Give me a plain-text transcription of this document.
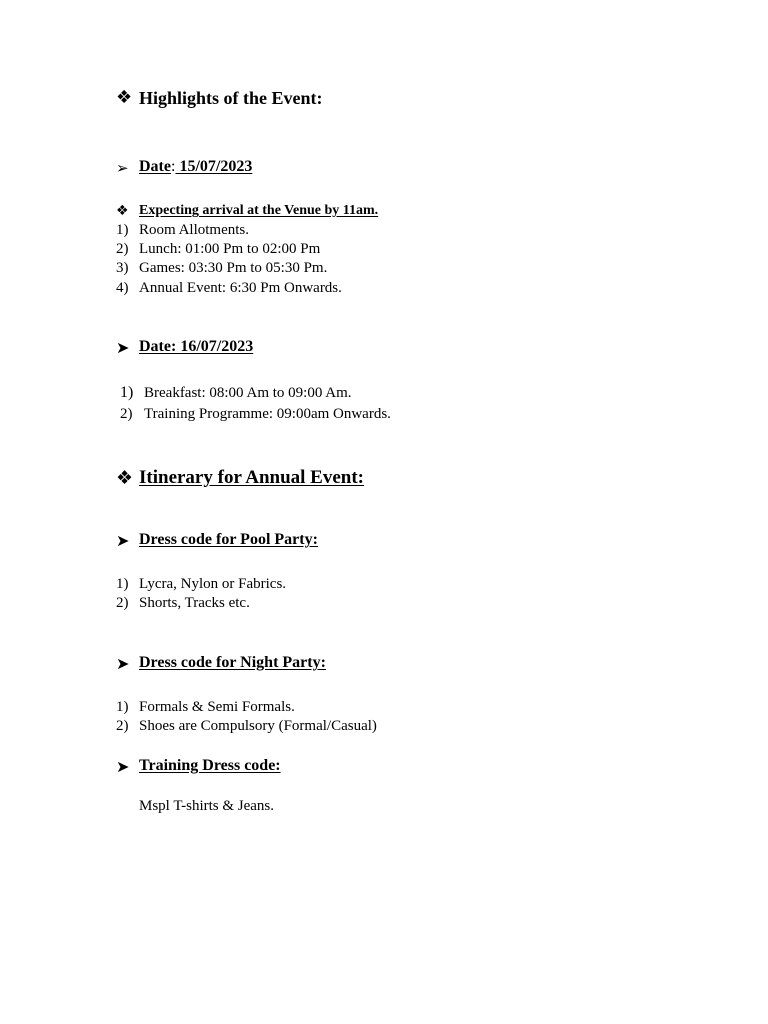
❖ Highlights of the Event:
➢ Date: 15/07/2023
❖ Expecting arrival at the Venue by 11am.
1) Room Allotments.
2) Lunch: 01:00 Pm to 02:00 Pm
3) Games: 03:30 Pm to 05:30 Pm.
4) Annual Event: 6:30 Pm Onwards.
➤ Date: 16/07/2023
1) Breakfast: 08:00 Am to 09:00 Am.
2) Training Programme: 09:00am Onwards.
❖ Itinerary for Annual Event:
➤ Dress code for Pool Party:
1) Lycra, Nylon or Fabrics.
2) Shorts, Tracks etc.
➤ Dress code for Night Party:
1) Formals & Semi Formals.
2) Shoes are Compulsory (Formal/Casual)
➤ Training Dress code:
Mspl T-shirts & Jeans.
